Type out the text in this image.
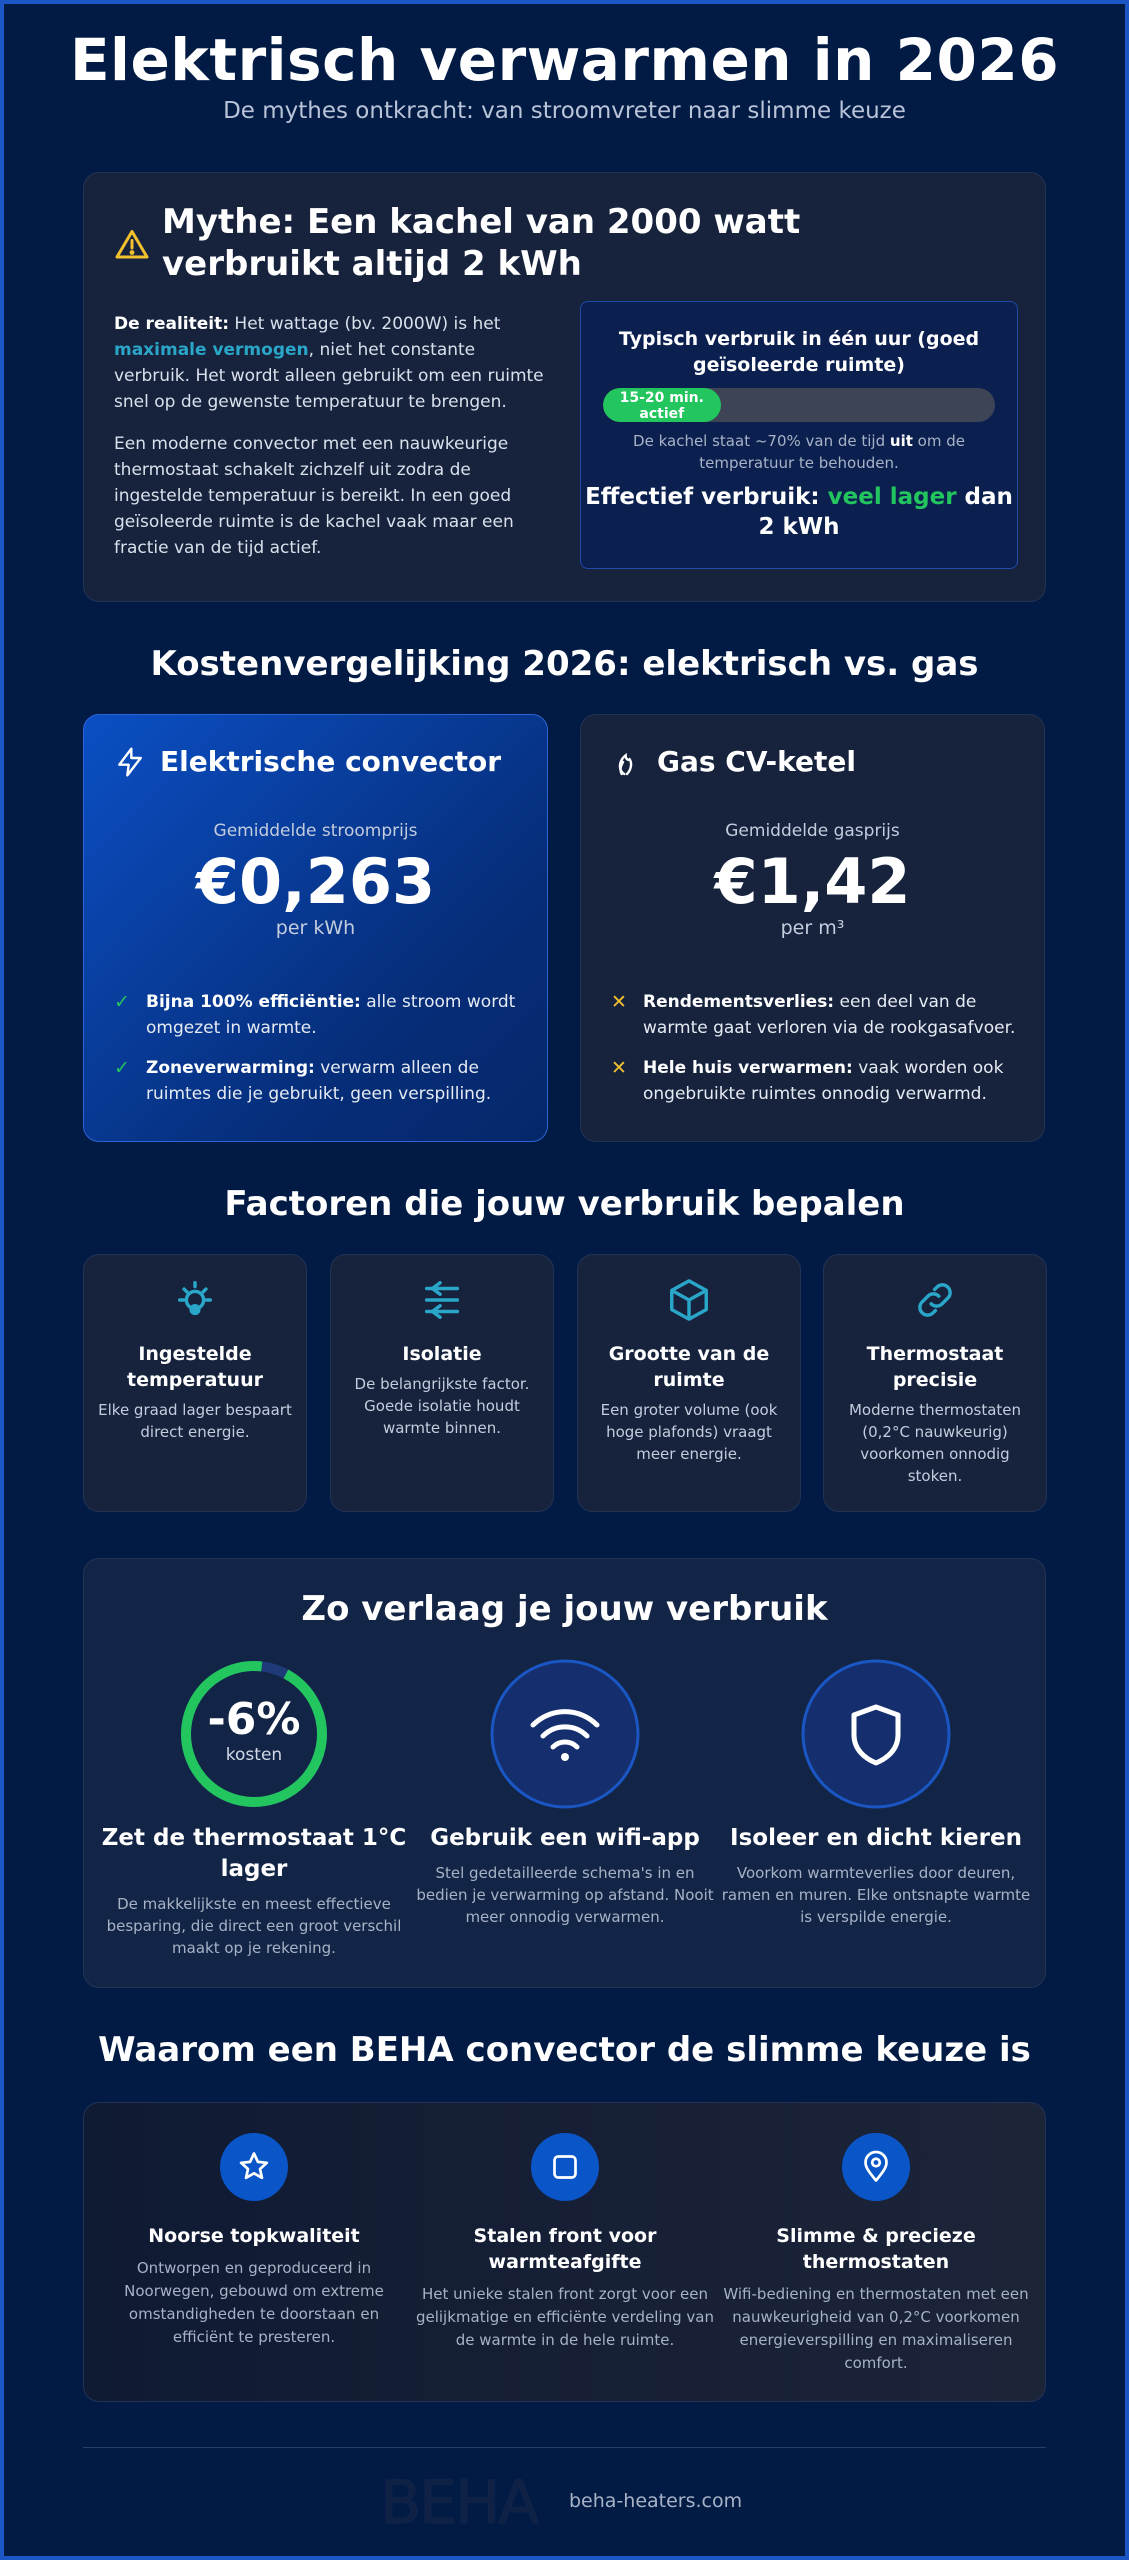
Elektrisch verwarmen in 2026
De mythes ontkracht: van stroomvreter naar slimme keuze
Mythe: Een kachel van 2000 watt verbruikt altijd 2 kWh

De realiteit: Het wattage (bv. 2000W) is het maximale vermogen, niet het constante verbruik. Het wordt alleen gebruikt om een ruimte snel op de gewenste temperatuur te brengen.

Een moderne convector met een nauwkeurige thermostaat schakelt zichzelf uit zodra de ingestelde temperatuur is bereikt. In een goed geïsoleerde ruimte is de kachel vaak maar een fractie van de tijd actief.

Typisch verbruik in één uur (goed geïsoleerde ruimte)
15-20 min. actief
De kachel staat ~70% van de tijd uit om de temperatuur te behouden.
Effectief verbruik: veel lager dan 2 kWh
Kostenvergelijking 2026: elektrisch vs. gas
Elektrische convector
Gemiddelde stroomprijs
€0,263
per kWh
✓ Bijna 100% efficiëntie: alle stroom wordt omgezet in warmte.
✓ Zoneverwarming: verwarm alleen de ruimtes die je gebruikt, geen verspilling.
Gas CV-ketel
Gemiddelde gasprijs
€1,42
per m³
✕ Rendementsverlies: een deel van de warmte gaat verloren via de rookgasafvoer.
✕ Hele huis verwarmen: vaak worden ook ongebruikte ruimtes onnodig verwarmd.
Factoren die jouw verbruik bepalen
Ingestelde temperatuur

Elke graad lager bespaart direct energie.

Isolatie

De belangrijkste factor. Goede isolatie houdt warmte binnen.

Grootte van de ruimte

Een groter volume (ook hoge plafonds) vraagt meer energie.

Thermostaat precisie

Moderne thermostaten (0,2°C nauwkeurig) voorkomen onnodig stoken.

Zo verlaag je jouw verbruik
-6%
kosten
Zet de thermostaat 1°C lager

De makkelijkste en meest effectieve besparing, die direct een groot verschil maakt op je rekening.

Gebruik een wifi-app

Stel gedetailleerde schema's in en bedien je verwarming op afstand. Nooit meer onnodig verwarmen.

Isoleer en dicht kieren

Voorkom warmteverlies door deuren, ramen en muren. Elke ontsnapte warmte is verspilde energie.

Waarom een BEHA convector de slimme keuze is
Noorse topkwaliteit

Ontworpen en geproduceerd in Noorwegen, gebouwd om extreme omstandigheden te doorstaan en efficiënt te presteren.

Stalen front voor warmteafgifte

Het unieke stalen front zorgt voor een gelijkmatige en efficiënte verdeling van de warmte in de hele ruimte.

Slimme & precieze thermostaten

Wifi-bediening en thermostaten met een nauwkeurigheid van 0,2°C voorkomen energieverspilling en maximaliseren comfort.

BEHA	beha-heaters.com
